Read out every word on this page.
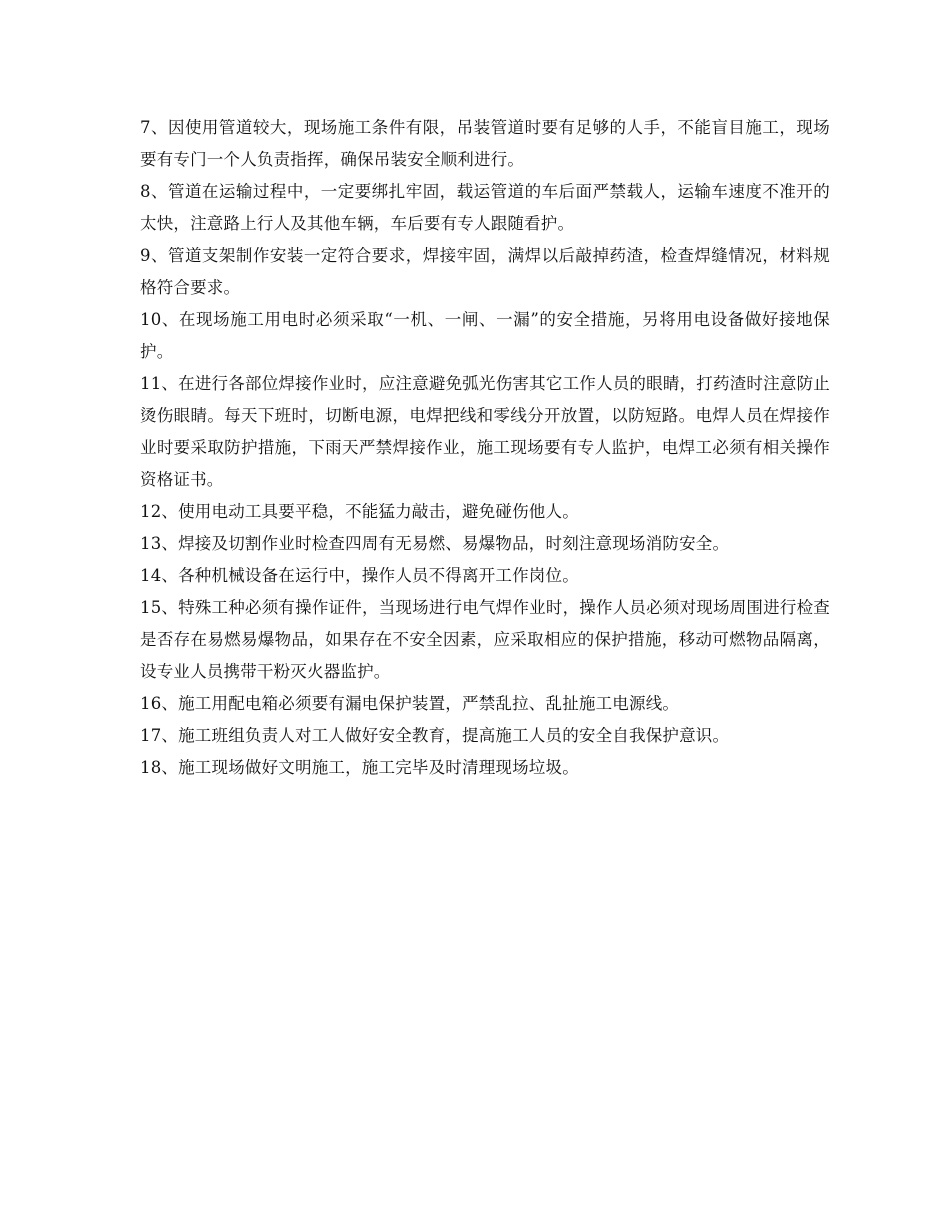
7、因使用管道较大，现场施工条件有限，吊装管道时要有足够的人手，不能盲目施工，现场要有专门一个人负责指挥，确保吊装安全顺利进行。

8、管道在运输过程中，一定要绑扎牢固，载运管道的车后面严禁载人，运输车速度不准开的太快，注意路上行人及其他车辆，车后要有专人跟随看护。

9、管道支架制作安装一定符合要求，焊接牢固，满焊以后敲掉药渣，检查焊缝情况，材料规格符合要求。

10、在现场施工用电时必须采取“一机、一闸、一漏”的安全措施，另将用电设备做好接地保护。

11、在进行各部位焊接作业时，应注意避免弧光伤害其它工作人员的眼睛，打药渣时注意防止烫伤眼睛。每天下班时，切断电源，电焊把线和零线分开放置，以防短路。电焊人员在焊接作业时要采取防护措施，下雨天严禁焊接作业，施工现场要有专人监护，电焊工必须有相关操作资格证书。

12、使用电动工具要平稳，不能猛力敲击，避免碰伤他人。

13、焊接及切割作业时检查四周有无易燃、易爆物品，时刻注意现场消防安全。

14、各种机械设备在运行中，操作人员不得离开工作岗位。

15、特殊工种必须有操作证件，当现场进行电气焊作业时，操作人员必须对现场周围进行检查是否存在易燃易爆物品，如果存在不安全因素，应采取相应的保护措施，移动可燃物品隔离，设专业人员携带干粉灭火器监护。

16、施工用配电箱必须要有漏电保护装置，严禁乱拉、乱扯施工电源线。

17、施工班组负责人对工人做好安全教育，提高施工人员的安全自我保护意识。

18、施工现场做好文明施工，施工完毕及时清理现场垃圾。
